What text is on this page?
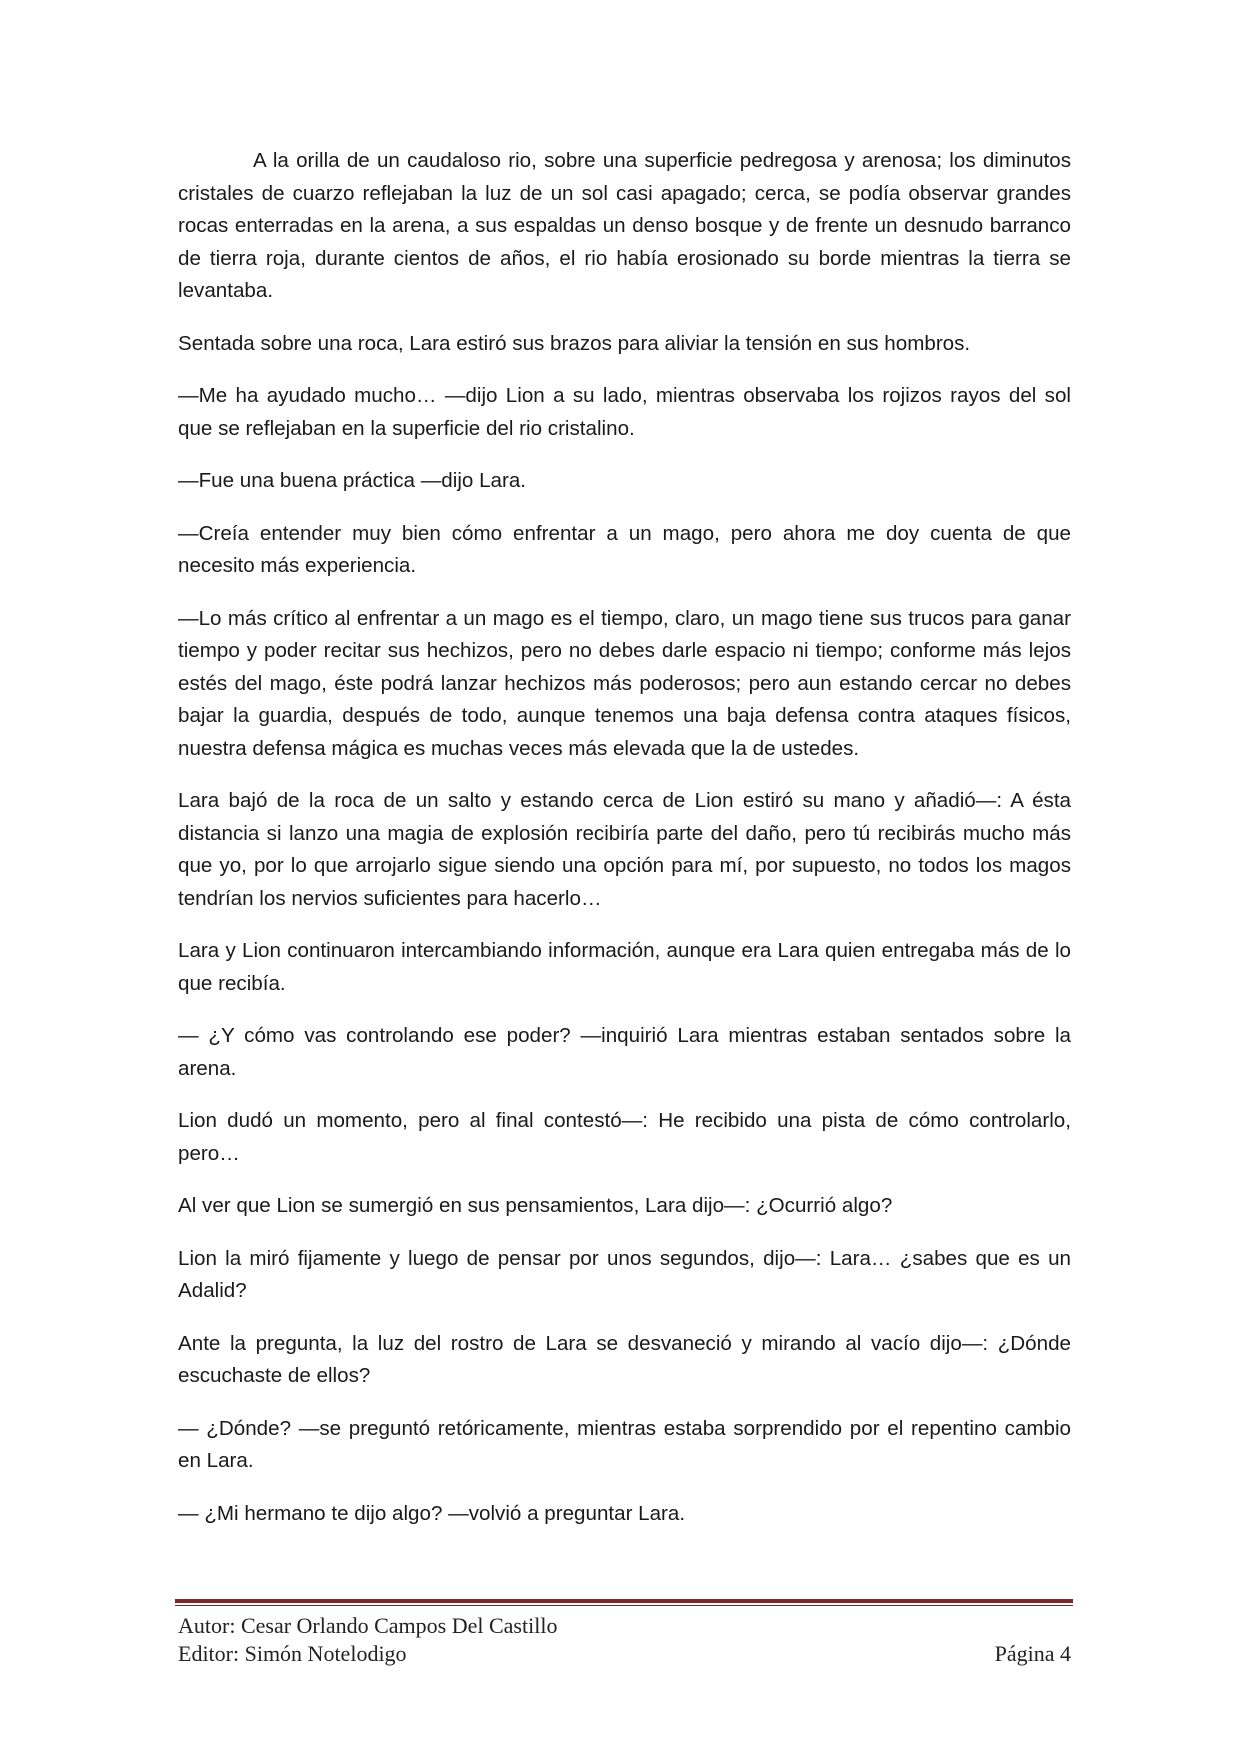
A la orilla de un caudaloso rio, sobre una superficie pedregosa y arenosa; los diminutos cristales de cuarzo reflejaban la luz de un sol casi apagado; cerca, se podía observar grandes rocas enterradas en la arena, a sus espaldas un denso bosque y de frente un desnudo barranco de tierra roja, durante cientos de años, el rio había erosionado su borde mientras la tierra se levantaba.

Sentada sobre una roca, Lara estiró sus brazos para aliviar la tensión en sus hombros.

—Me ha ayudado mucho… —dijo Lion a su lado, mientras observaba los rojizos rayos del sol que se reflejaban en la superficie del rio cristalino.

—Fue una buena práctica —dijo Lara.

—Creía entender muy bien cómo enfrentar a un mago, pero ahora me doy cuenta de que necesito más experiencia.

—Lo más crítico al enfrentar a un mago es el tiempo, claro, un mago tiene sus trucos para ganar tiempo y poder recitar sus hechizos, pero no debes darle espacio ni tiempo; conforme más lejos estés del mago, éste podrá lanzar hechizos más poderosos; pero aun estando cercar no debes bajar la guardia, después de todo, aunque tenemos una baja defensa contra ataques físicos, nuestra defensa mágica es muchas veces más elevada que la de ustedes.

Lara bajó de la roca de un salto y estando cerca de Lion estiró su mano y añadió—: A ésta distancia si lanzo una magia de explosión recibiría parte del daño, pero tú recibirás mucho más que yo, por lo que arrojarlo sigue siendo una opción para mí, por supuesto, no todos los magos tendrían los nervios suficientes para hacerlo…

Lara y Lion continuaron intercambiando información, aunque era Lara quien entregaba más de lo que recibía.

— ¿Y cómo vas controlando ese poder? —inquirió Lara mientras estaban sentados sobre la arena.

Lion dudó un momento, pero al final contestó—: He recibido una pista de cómo controlarlo, pero…

Al ver que Lion se sumergió en sus pensamientos, Lara dijo—: ¿Ocurrió algo?

Lion la miró fijamente y luego de pensar por unos segundos, dijo—: Lara… ¿sabes que es un Adalid?

Ante la pregunta, la luz del rostro de Lara se desvaneció y mirando al vacío dijo—: ¿Dónde escuchaste de ellos?

— ¿Dónde? —se preguntó retóricamente, mientras estaba sorprendido por el repentino cambio en Lara.

— ¿Mi hermano te dijo algo? —volvió a preguntar Lara.

Autor: Cesar Orlando Campos Del Castillo
Editor: Simón Notelodigo	Página 4
